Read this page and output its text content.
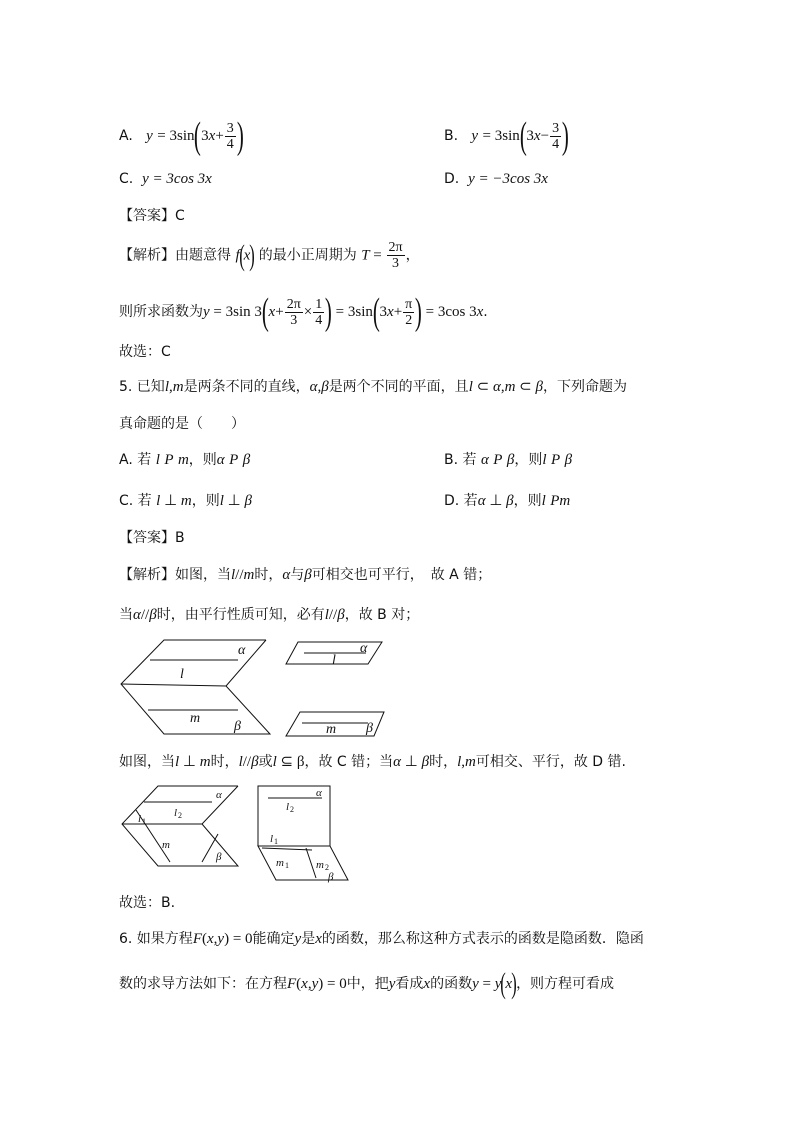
A. $y = 3\sin(3x+ \frac{3}{4}$ )	B. $y = 3\sin(3x- \frac{3}{4}$ )
C. y = 3cos 3x	D. y = −3cos 3x
【答案】C
【解析】由题意得 f(x) 的最小正周期为 $T = \frac{2\pi}{3}$ ，
则所求函数为y = 3sin $3(x+ \frac{2\pi}{3} \times \frac{1}{4}$ ) = $3\sin(3x+ \frac{\pi}{2}$ ) = 3cos 3x.
故选：C
5. 已知l,m是两条不同的直线，α,β是两个不同的平面，且l ⊂ α,m ⊂ β，下列命题为
真命题的是（　　）
A. 若 l P m，则α P β	B. 若 α P β，则l P β
C. 若 l ⊥ m，则l ⊥ β	D. 若α ⊥ β，则l Pm
【答案】B
【解析】如图，当l//m时，α与β可相交也可平行，　故 A 错；
当α//β时，由平行性质可知，必有l//β，故 B 对；
α
l
m
β
α
l
m β
如图，当l ⊥ m时，l//β或l ⊆ β，故 C 错；当α ⊥ β时，l,m可相交、平行，故 D 错.
α
l 1
l 2
m
β
α
l 2
l 1
m 1 m 2
β
故选：B.
6. 如果方程F(x,y) = 0能确定y是x的函数，那么称这种方式表示的函数是隐函数．隐函
数的求导方法如下：在方程F(x,y) = 0中，把y看成x的函数y = y(x)，则方程可看成
